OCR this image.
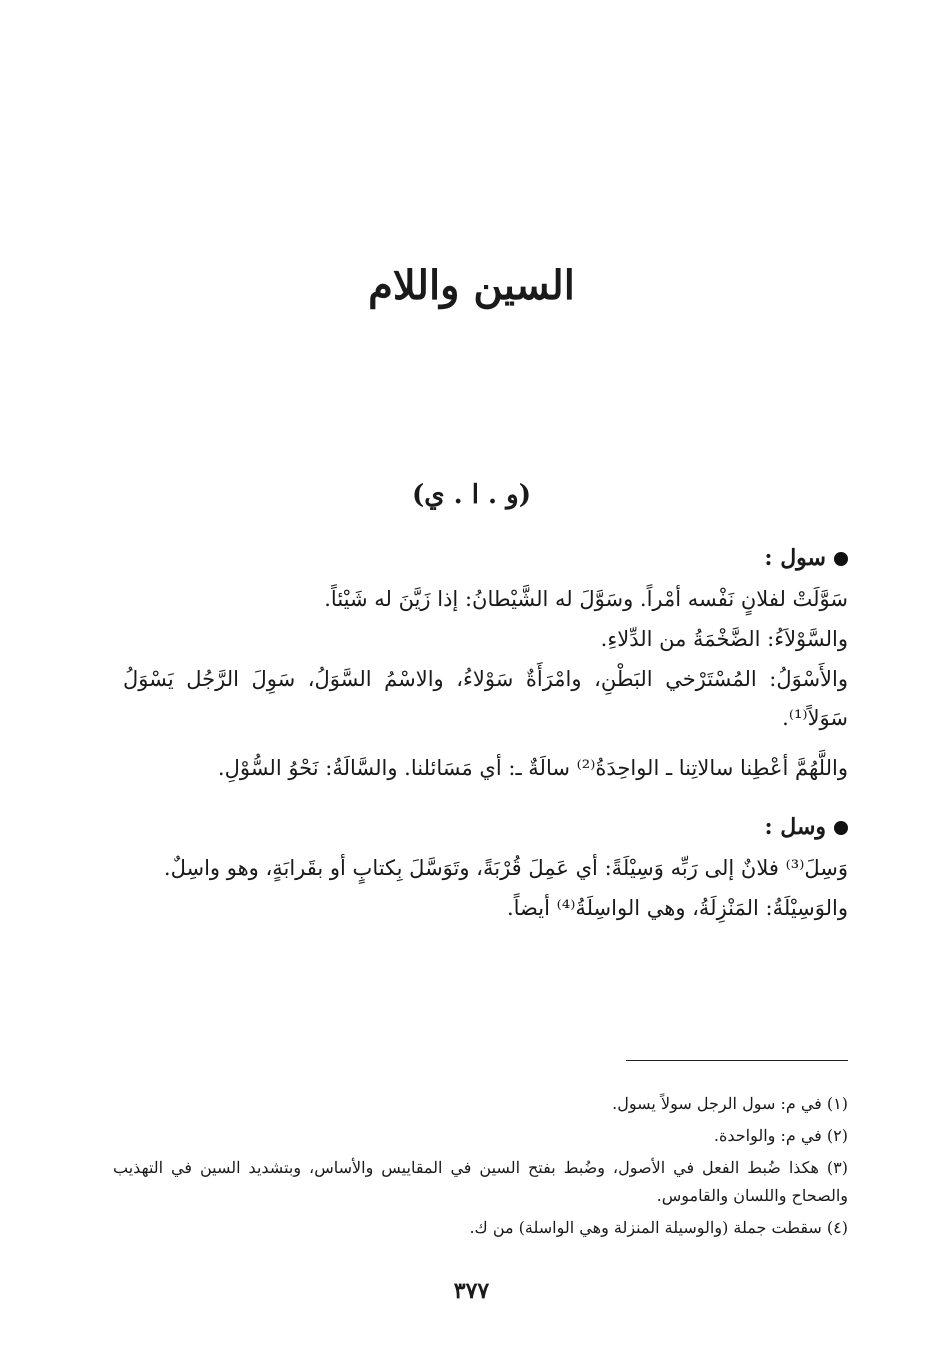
السين واللام
(و . ا . ي)

سول :

سَوَّلَتْ لفلانٍ نَفْسه أمْراً. وسَوَّلَ له الشَّيْطانُ: إذا زَيَّنَ له شَيْئاً.

والسَّوْلاَءُ: الضَّخْمَةُ من الدِّلاءِ.

والأَسْوَلُ: المُسْتَرْخي البَطْنِ، وامْرَأَةٌ سَوْلاءُ، والاسْمُ السَّوَلُ، سَوِلَ الرَّجُل يَسْوَلُ سَوَلاً⁽¹⁾.

واللَّهُمَّ أعْطِنا سالاتِنا ـ الواحِدَةُ⁽²⁾ سالَةٌ ـ: أي مَسَائلنا. والسَّالَةُ: نَحْوُ السُّوْلِ.

وسل :

وَسِلَ⁽³⁾ فلانٌ إلى رَبِّه وَسِيْلَةً: أي عَمِلَ قُرْبَةً، وتَوَسَّلَ بِكتابٍ أو بقَرابَةٍ، وهو واسِلٌ.

والوَسِيْلَةُ: المَنْزِلَةُ، وهي الواسِلَةُ⁽⁴⁾ أيضاً.

(١) في م: سول الرجل سولاً يسول.

(٢) في م: والواحدة.

(٣) هكذا ضُبط الفعل في الأصول، وضُبط بفتح السين في المقاييس والأساس، وبتشديد السين في التهذيب والصحاح واللسان والقاموس.

(٤) سقطت جملة (والوسيلة المنزلة وهي الواسلة) من ك.

٣٧٧
